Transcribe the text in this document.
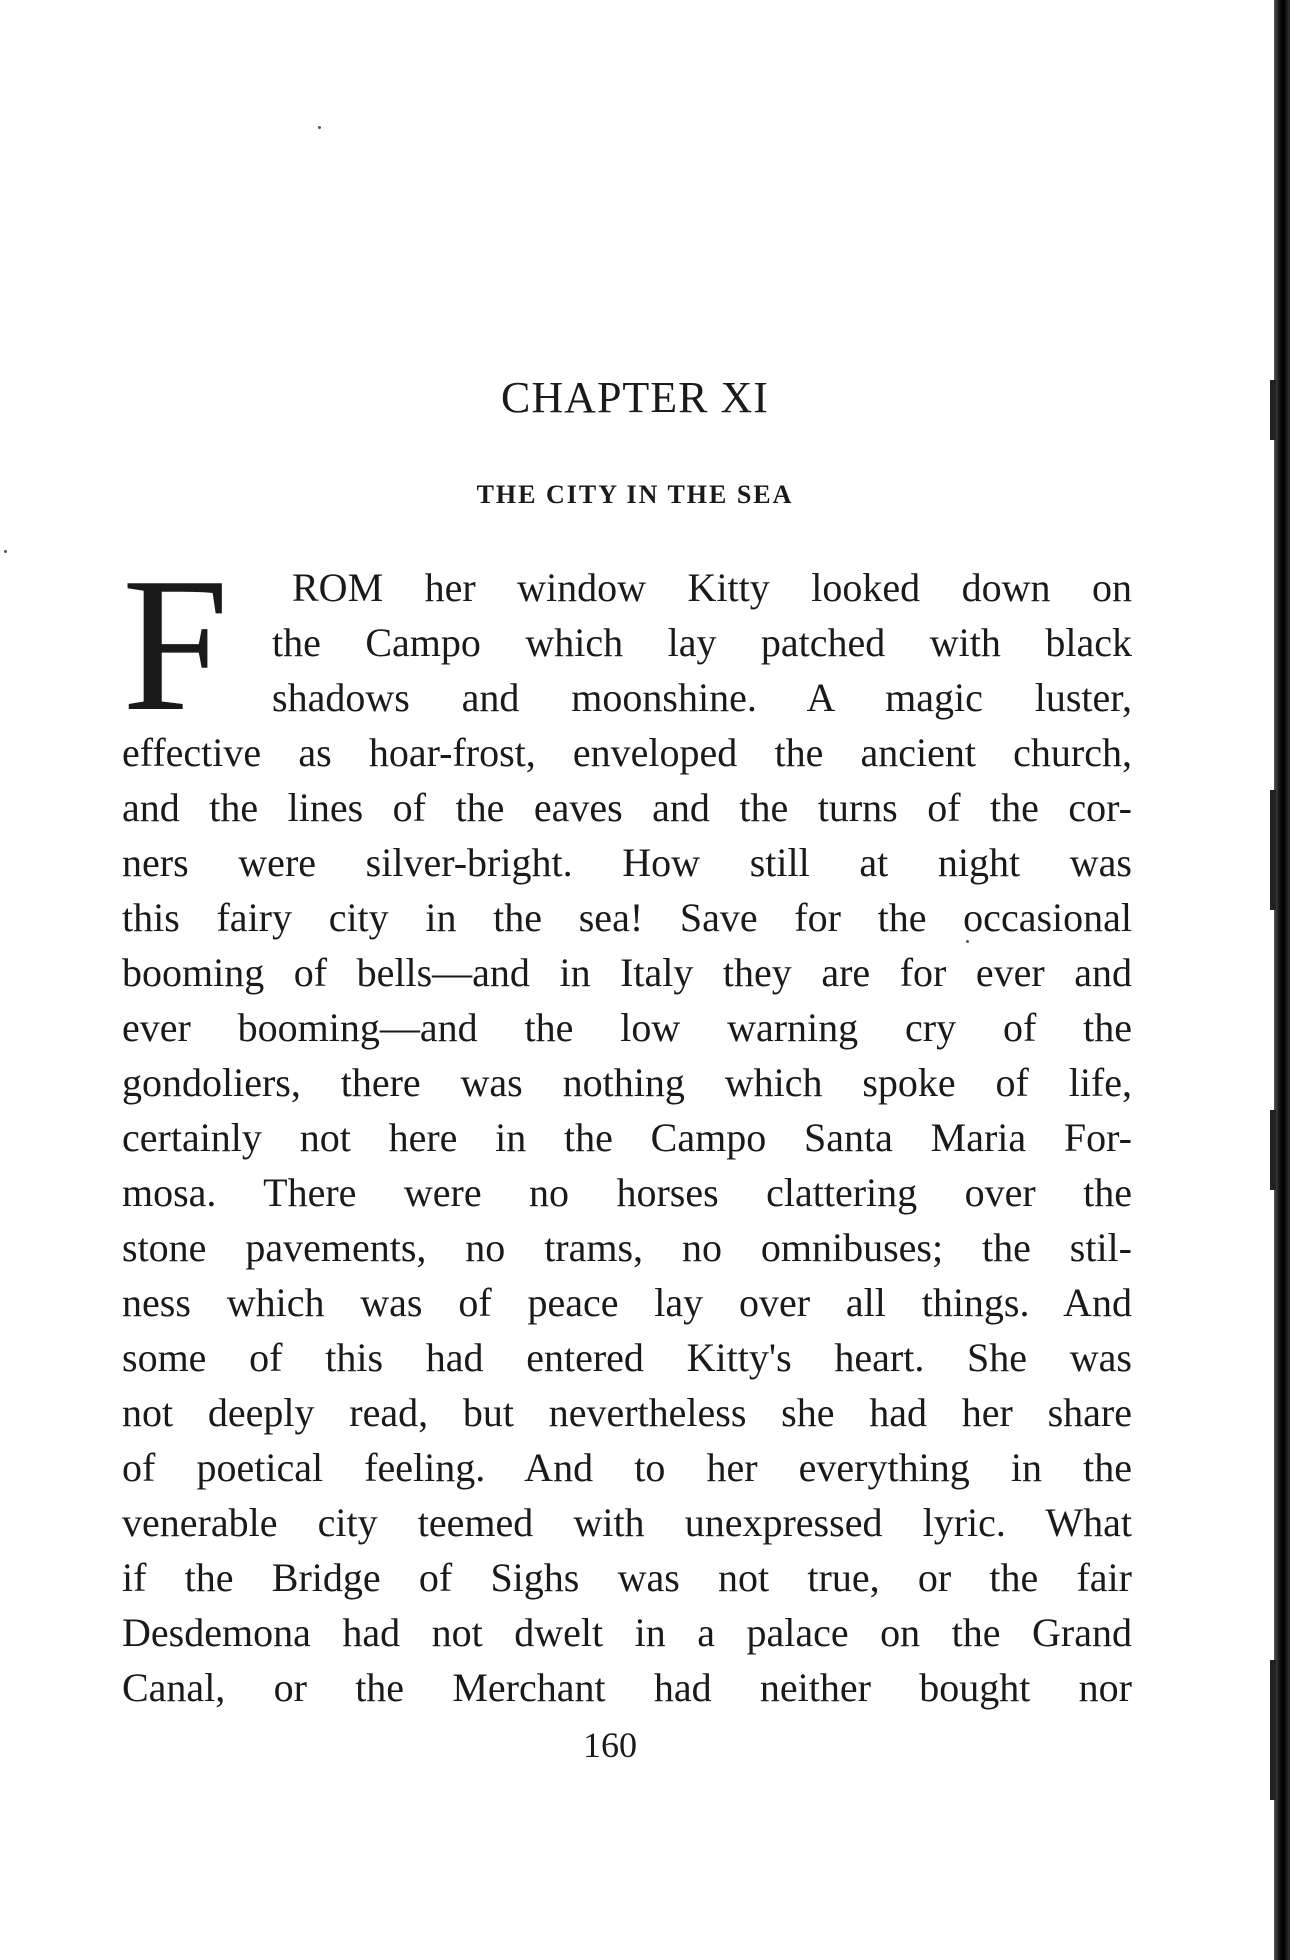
CHAPTER XI
THE CITY IN THE SEA
F ROM her window Kitty looked down on
the Campo which lay patched with black
shadows and moonshine. A magic luster,
effective as hoar-frost, enveloped the ancient church,
and the lines of the eaves and the turns of the cor-
ners were silver-bright. How still at night was
this fairy city in the sea! Save for the occasional
booming of bells—and in Italy they are for ever and
ever booming—and the low warning cry of the
gondoliers, there was nothing which spoke of life,
certainly not here in the Campo Santa Maria For-
mosa. There were no horses clattering over the
stone pavements, no trams, no omnibuses; the stil-
ness which was of peace lay over all things. And
some of this had entered Kitty's heart. She was
not deeply read, but nevertheless she had her share
of poetical feeling. And to her everything in the
venerable city teemed with unexpressed lyric. What
if the Bridge of Sighs was not true, or the fair
Desdemona had not dwelt in a palace on the Grand
Canal, or the Merchant had neither bought nor
160
